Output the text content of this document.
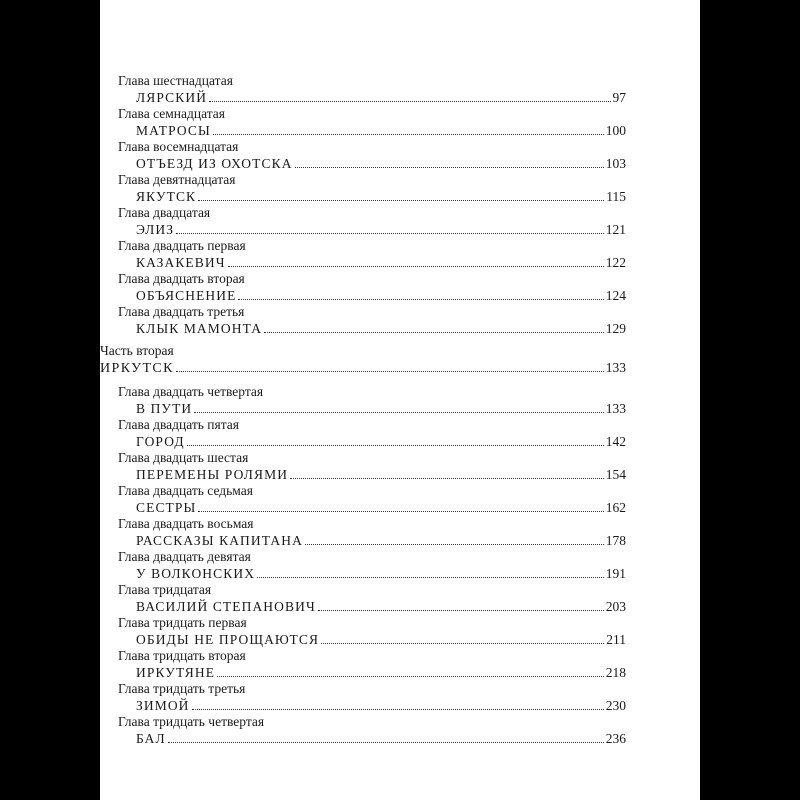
Глава шестнадцатая
ЛЯРСКИЙ	97
Глава семнадцатая
МАТРОСЫ	100
Глава восемнадцатая
ОТЪЕЗД ИЗ ОХОТСКА	103
Глава девятнадцатая
ЯКУТСК	115
Глава двадцатая
ЭЛИЗ	121
Глава двадцать первая
КАЗАКЕВИЧ	122
Глава двадцать вторая
ОБЪЯСНЕНИЕ	124
Глава двадцать третья
КЛЫК МАМОНТА	129
Часть вторая
ИРКУТСК	133
Глава двадцать четвертая
В ПУТИ	133
Глава двадцать пятая
ГОРОД	142
Глава двадцать шестая
ПЕРЕМЕНЫ РОЛЯМИ	154
Глава двадцать седьмая
СЕСТРЫ	162
Глава двадцать восьмая
РАССКАЗЫ КАПИТАНА	178
Глава двадцать девятая
У ВОЛКОНСКИХ	191
Глава тридцатая
ВАСИЛИЙ СТЕПАНОВИЧ	203
Глава тридцать первая
ОБИДЫ НЕ ПРОЩАЮТСЯ	211
Глава тридцать вторая
ИРКУТЯНЕ	218
Глава тридцать третья
ЗИМОЙ	230
Глава тридцать четвертая
БАЛ	236
